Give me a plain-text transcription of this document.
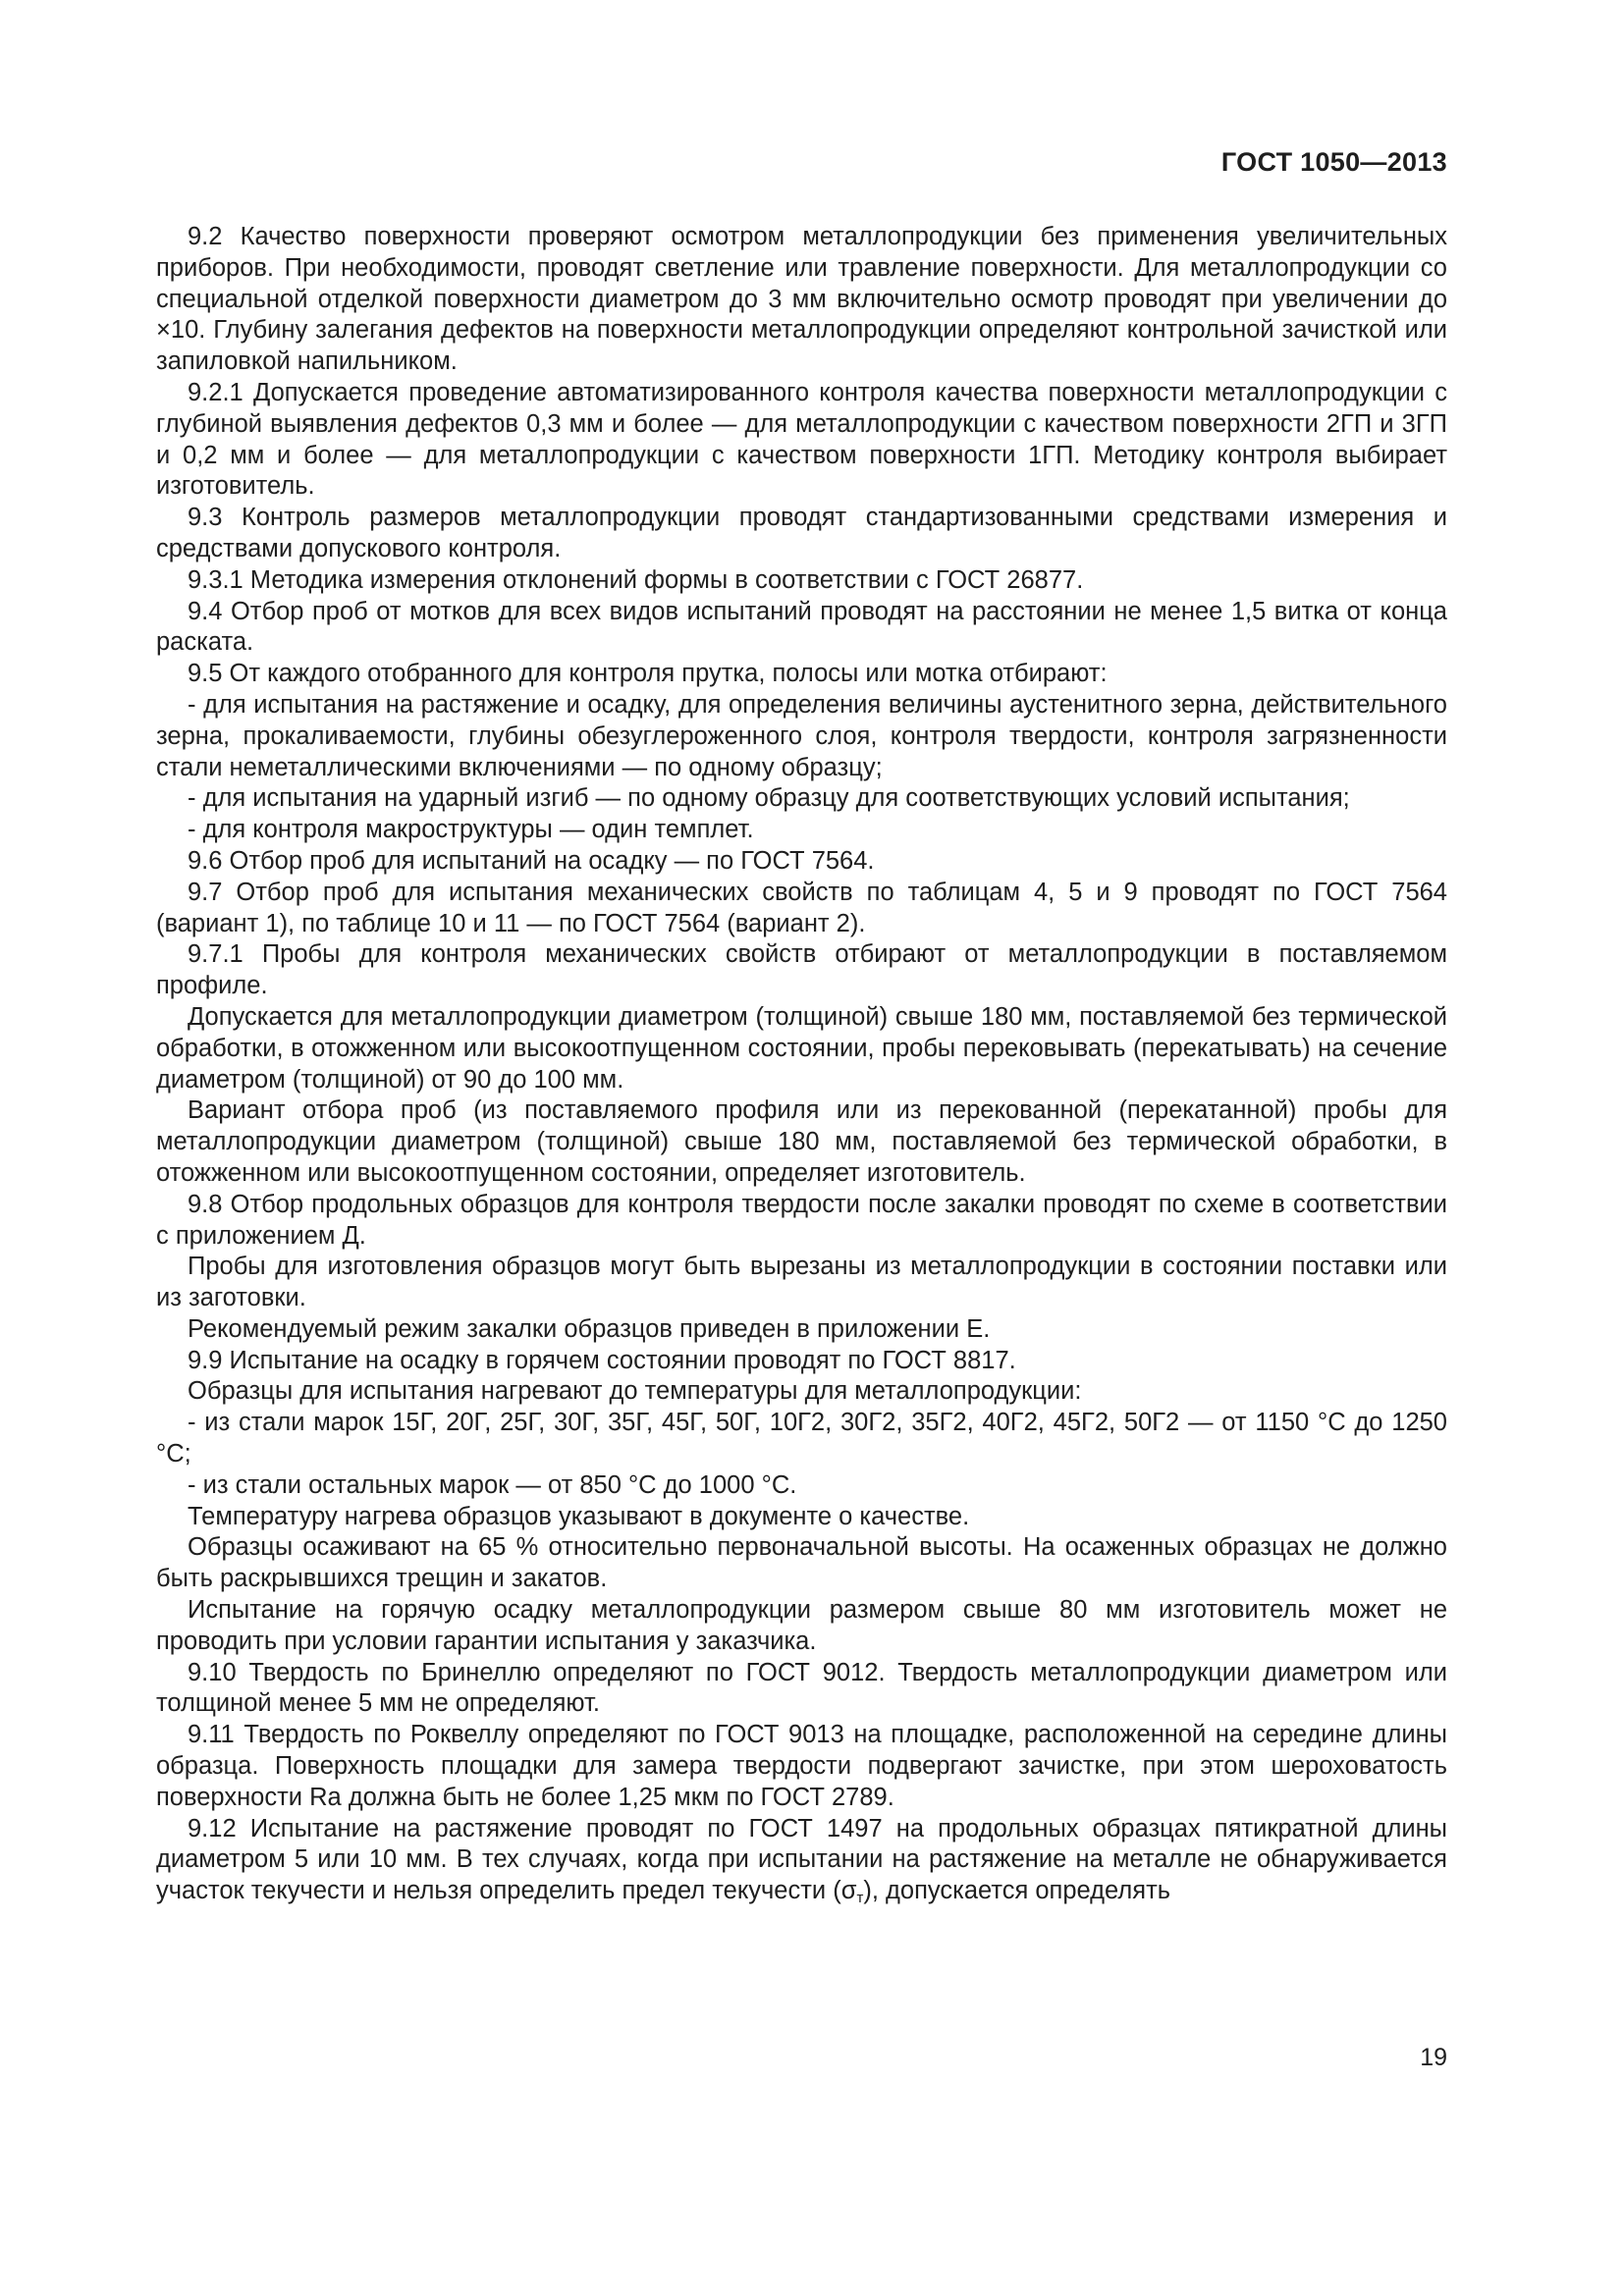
ГОСТ 1050—2013

9.2 Качество поверхности проверяют осмотром металлопродукции без применения увеличительных приборов. При необходимости, проводят светление или травление поверхности. Для металлопродукции со специальной отделкой поверхности диаметром до 3 мм включительно осмотр проводят при увеличении до ×10. Глубину залегания дефектов на поверхности металлопродукции определяют контрольной зачисткой или запиловкой напильником.

9.2.1 Допускается проведение автоматизированного контроля качества поверхности металлопродукции с глубиной выявления дефектов 0,3 мм и более — для металлопродукции с качеством поверхности 2ГП и 3ГП и 0,2 мм и более — для металлопродукции с качеством поверхности 1ГП. Методику контроля выбирает изготовитель.

9.3 Контроль размеров металлопродукции проводят стандартизованными средствами измерения и средствами допускового контроля.

9.3.1 Методика измерения отклонений формы в соответствии с ГОСТ 26877.

9.4 Отбор проб от мотков для всех видов испытаний проводят на расстоянии не менее 1,5 витка от конца раската.

9.5 От каждого отобранного для контроля прутка, полосы или мотка отбирают:

- для испытания на растяжение и осадку, для определения величины аустенитного зерна, действительного зерна, прокаливаемости, глубины обезуглероженного слоя, контроля твердости, контроля загрязненности стали неметаллическими включениями — по одному образцу;

- для испытания на ударный изгиб — по одному образцу для соответствующих условий испытания;

- для контроля макроструктуры — один темплет.

9.6 Отбор проб для испытаний на осадку — по ГОСТ 7564.

9.7 Отбор проб для испытания механических свойств по таблицам 4, 5 и 9 проводят по ГОСТ 7564 (вариант 1), по таблице 10 и 11 — по ГОСТ 7564 (вариант 2).

9.7.1 Пробы для контроля механических свойств отбирают от металлопродукции в поставляемом профиле.

Допускается для металлопродукции диаметром (толщиной) свыше 180 мм, поставляемой без термической обработки, в отожженном или высокоотпущенном состоянии, пробы перековывать (перекатывать) на сечение диаметром (толщиной) от 90 до 100 мм.

Вариант отбора проб (из поставляемого профиля или из перекованной (перекатанной) пробы для металлопродукции диаметром (толщиной) свыше 180 мм, поставляемой без термической обработки, в отожженном или высокоотпущенном состоянии, определяет изготовитель.

9.8 Отбор продольных образцов для контроля твердости после закалки проводят по схеме в соответствии с приложением Д.

Пробы для изготовления образцов могут быть вырезаны из металлопродукции в состоянии поставки или из заготовки.

Рекомендуемый режим закалки образцов приведен в приложении Е.

9.9 Испытание на осадку в горячем состоянии проводят по ГОСТ 8817.

Образцы для испытания нагревают до температуры для металлопродукции:

- из стали марок 15Г, 20Г, 25Г, 30Г, 35Г, 45Г, 50Г, 10Г2, 30Г2, 35Г2, 40Г2, 45Г2, 50Г2 — от 1150 °С до 1250 °С;

- из стали остальных марок — от 850 °С до 1000 °С.

Температуру нагрева образцов указывают в документе о качестве.

Образцы осаживают на 65 % относительно первоначальной высоты. На осаженных образцах не должно быть раскрывшихся трещин и закатов.

Испытание на горячую осадку металлопродукции размером свыше 80 мм изготовитель может не проводить при условии гарантии испытания у заказчика.

9.10 Твердость по Бринеллю определяют по ГОСТ 9012. Твердость металлопродукции диаметром или толщиной менее 5 мм не определяют.

9.11 Твердость по Роквеллу определяют по ГОСТ 9013 на площадке, расположенной на середине длины образца. Поверхность площадки для замера твердости подвергают зачистке, при этом шероховатость поверхности Ra должна быть не более 1,25 мкм по ГОСТ 2789.

9.12 Испытание на растяжение проводят по ГОСТ 1497 на продольных образцах пятикратной длины диаметром 5 или 10 мм. В тех случаях, когда при испытании на растяжение на металле не обнаруживается участок текучести и нельзя определить предел текучести (σт), допускается определять

19
